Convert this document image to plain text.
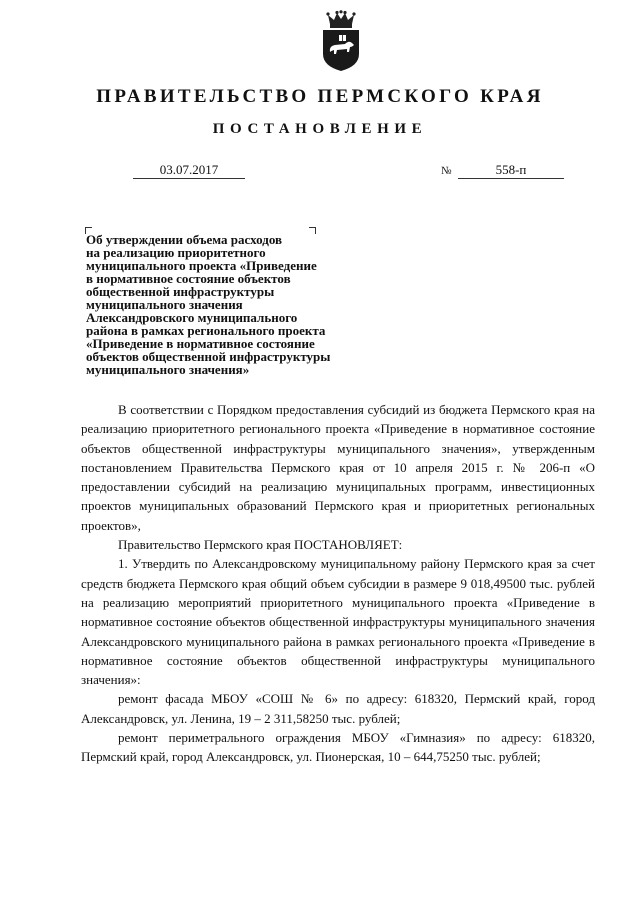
ПРАВИТЕЛЬСТВО ПЕРМСКОГО КРАЯ
ПОСТАНОВЛЕНИЕ
03.07.2017	№	558-п

Об утверждении объема расходов
на реализацию приоритетного
муниципального проекта «Приведение
в нормативное состояние объектов
общественной инфраструктуры
муниципального значения
Александровского муниципального
района в рамках регионального проекта
«Приведение в нормативное состояние
объектов общественной инфраструктуры
муниципального значения»

В соответствии с Порядком предоставления субсидий из бюджета Пермского края на реализацию приоритетного регионального проекта «Приведение в нормативное состояние объектов общественной инфраструктуры муниципального значения», утвержденным постановлением Правительства Пермского края от 10 апреля 2015 г. № 206-п «О предоставлении субсидий на реализацию муниципальных программ, инвестиционных проектов муниципальных образований Пермского края и приоритетных региональных проектов»,

Правительство Пермского края ПОСТАНОВЛЯЕТ:

1. Утвердить по Александровскому муниципальному району Пермского края за счет средств бюджета Пермского края общий объем субсидии в размере 9 018,49500 тыс. рублей на реализацию мероприятий приоритетного муниципального проекта «Приведение в нормативное состояние объектов общественной инфраструктуры муниципального значения Александровского муниципального района в рамках регионального проекта «Приведение в нормативное состояние объектов общественной инфраструктуры муниципального значения»:

ремонт фасада МБОУ «СОШ № 6» по адресу: 618320, Пермский край, город Александровск, ул. Ленина, 19 – 2 311,58250 тыс. рублей;

ремонт периметрального ограждения МБОУ «Гимназия» по адресу: 618320, Пермский край, город Александровск, ул. Пионерская, 10 – 644,75250 тыс. рублей;
